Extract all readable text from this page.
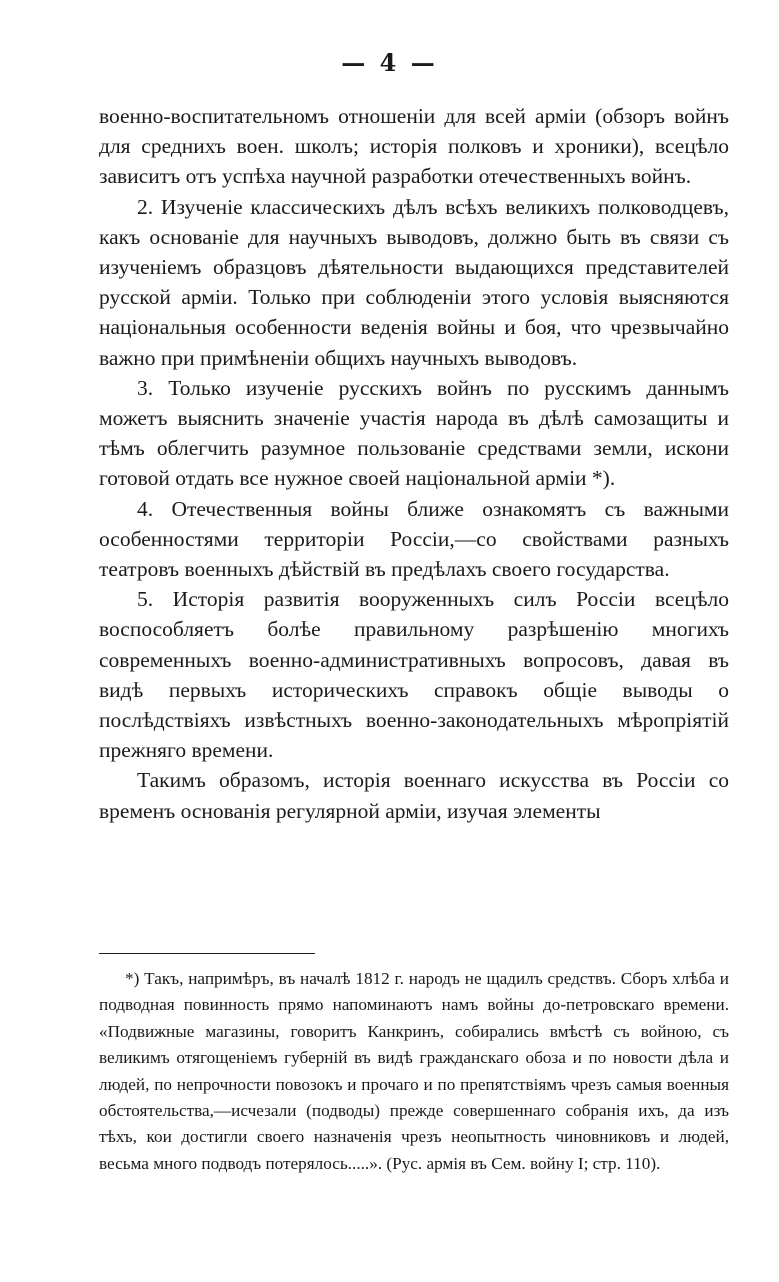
— 4 —

военно-воспитательномъ отношеніи для всей арміи (обзоръ войнъ для среднихъ воен. школъ; исторія полковъ и хроники), всецѣло зависитъ отъ успѣха научной разработки отечественныхъ войнъ.

2. Изученіе классическихъ дѣлъ всѣхъ великихъ полководцевъ, какъ основаніе для научныхъ выводовъ, должно быть въ связи съ изученіемъ образцовъ дѣятельности выдающихся представителей русской арміи. Только при соблюденіи этого условія выясняются національныя особенности веденія войны и боя, что чрезвычайно важно при примѣненіи общихъ научныхъ выводовъ.

3. Только изученіе русскихъ войнъ по русскимъ даннымъ можетъ выяснить значеніе участія народа въ дѣлѣ самозащиты и тѣмъ облегчить разумное пользованіе средствами земли, искони готовой отдать все нужное своей національной арміи *).

4. Отечественныя войны ближе ознакомятъ съ важными особенностями территоріи Россіи,—со свойствами разныхъ театровъ военныхъ дѣйствій въ предѣлахъ своего государства.

5. Исторія развитія вооруженныхъ силъ Россіи всецѣло воспособляетъ болѣе правильному разрѣшенію многихъ современныхъ военно-административныхъ вопросовъ, давая въ видѣ первыхъ историческихъ справокъ общіе выводы о послѣдствіяхъ извѣстныхъ военно-законодательныхъ мѣропріятій прежняго времени.

Такимъ образомъ, исторія военнаго искусства въ Россіи со временъ основанія регулярной арміи, изучая элементы

*) Такъ, напримѣръ, въ началѣ 1812 г. народъ не щадилъ средствъ. Сборъ хлѣба и подводная повинность прямо напоминаютъ намъ войны до-петровскаго времени. «Подвижные магазины, говоритъ Канкринъ, собирались вмѣстѣ съ войною, съ великимъ отягощеніемъ губерній въ видѣ гражданскаго обоза и по новости дѣла и людей, по непрочности повозокъ и прочаго и по препятствіямъ чрезъ самыя военныя обстоятельства,—исчезали (подводы) прежде совершеннаго собранія ихъ, да изъ тѣхъ, кои достигли своего назначенія чрезъ неопытность чиновниковъ и людей, весьма много подводъ потерялось.....». (Рус. армія въ Сем. войну I; стр. 110).
